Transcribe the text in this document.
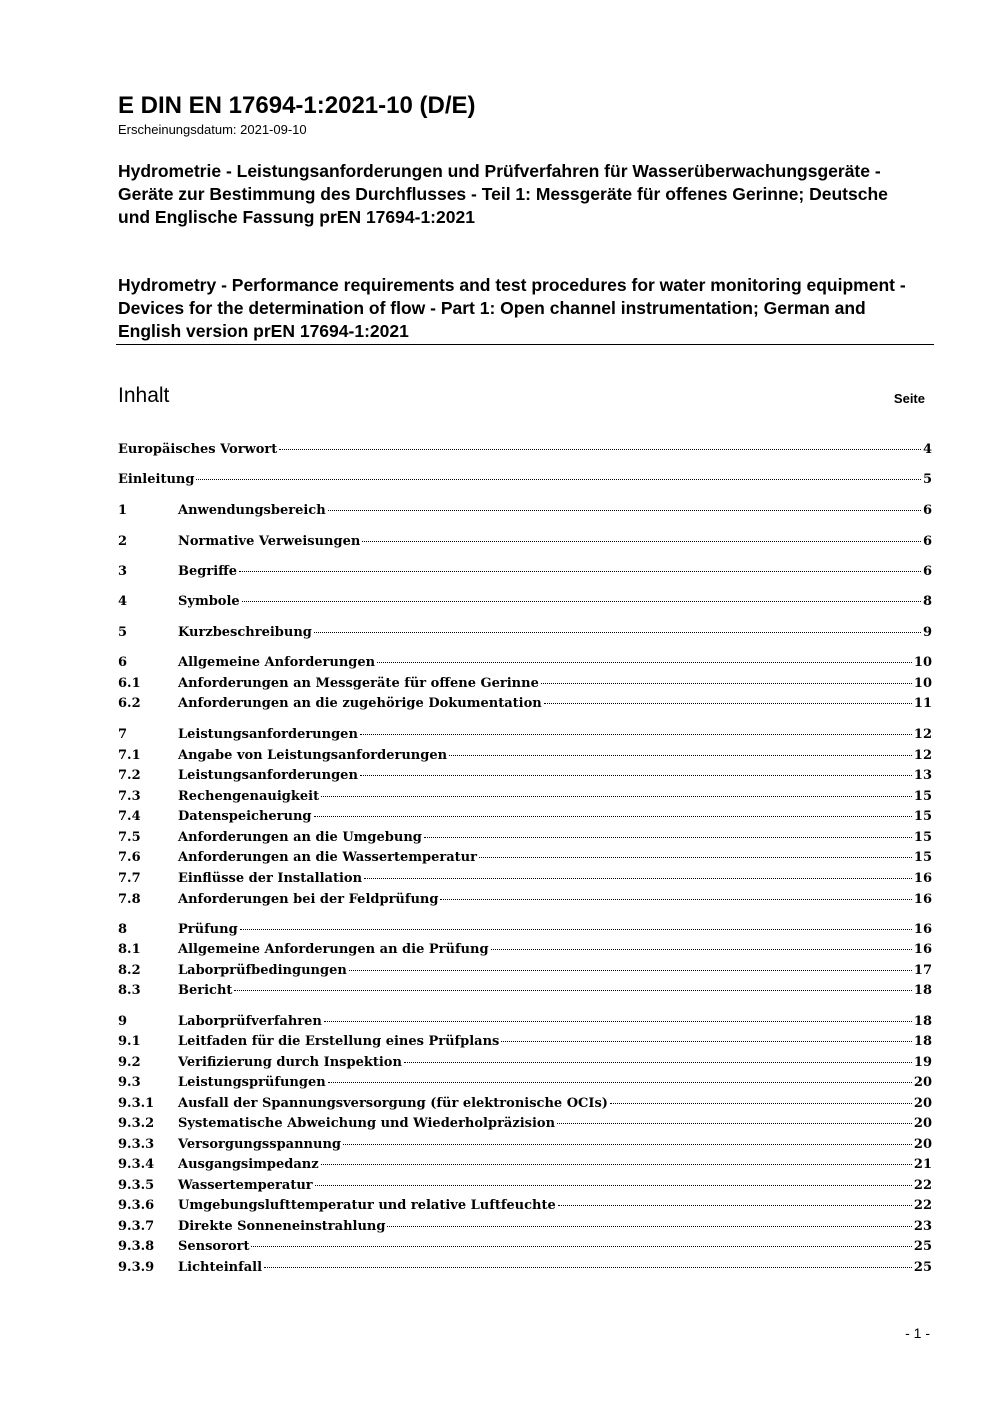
E DIN EN 17694-1:2021-10 (D/E)
Erscheinungsdatum: 2021-09-10

Hydrometrie - Leistungsanforderungen und Prüfverfahren für Wasserüberwachungsgeräte - Geräte zur Bestimmung des Durchflusses - Teil 1: Messgeräte für offenes Gerinne; Deutsche und Englische Fassung prEN 17694-1:2021

Hydrometry - Performance requirements and test procedures for water monitoring equipment - Devices for the determination of flow - Part 1: Open channel instrumentation; German and English version prEN 17694-1:2021

Inhalt	Seite
Europäisches Vorwort	4
Einleitung	5
1	Anwendungsbereich	6
2	Normative Verweisungen	6
3	Begriffe	6
4	Symbole	8
5	Kurzbeschreibung	9
6	Allgemeine Anforderungen	10
6.1	Anforderungen an Messgeräte für offene Gerinne	10
6.2	Anforderungen an die zugehörige Dokumentation	11
7	Leistungsanforderungen	12
7.1	Angabe von Leistungsanforderungen	12
7.2	Leistungsanforderungen	13
7.3	Rechengenauigkeit	15
7.4	Datenspeicherung	15
7.5	Anforderungen an die Umgebung	15
7.6	Anforderungen an die Wassertemperatur	15
7.7	Einflüsse der Installation	16
7.8	Anforderungen bei der Feldprüfung	16
8	Prüfung	16
8.1	Allgemeine Anforderungen an die Prüfung	16
8.2	Laborprüfbedingungen	17
8.3	Bericht	18
9	Laborprüfverfahren	18
9.1	Leitfaden für die Erstellung eines Prüfplans	18
9.2	Verifizierung durch Inspektion	19
9.3	Leistungsprüfungen	20
9.3.1	Ausfall der Spannungsversorgung (für elektronische OCIs)	20
9.3.2	Systematische Abweichung und Wiederholpräzision	20
9.3.3	Versorgungsspannung	20
9.3.4	Ausgangsimpedanz	21
9.3.5	Wassertemperatur	22
9.3.6	Umgebungslufttemperatur und relative Luftfeuchte	22
9.3.7	Direkte Sonneneinstrahlung	23
9.3.8	Sensorort	25
9.3.9	Lichteinfall	25
- 1 -
